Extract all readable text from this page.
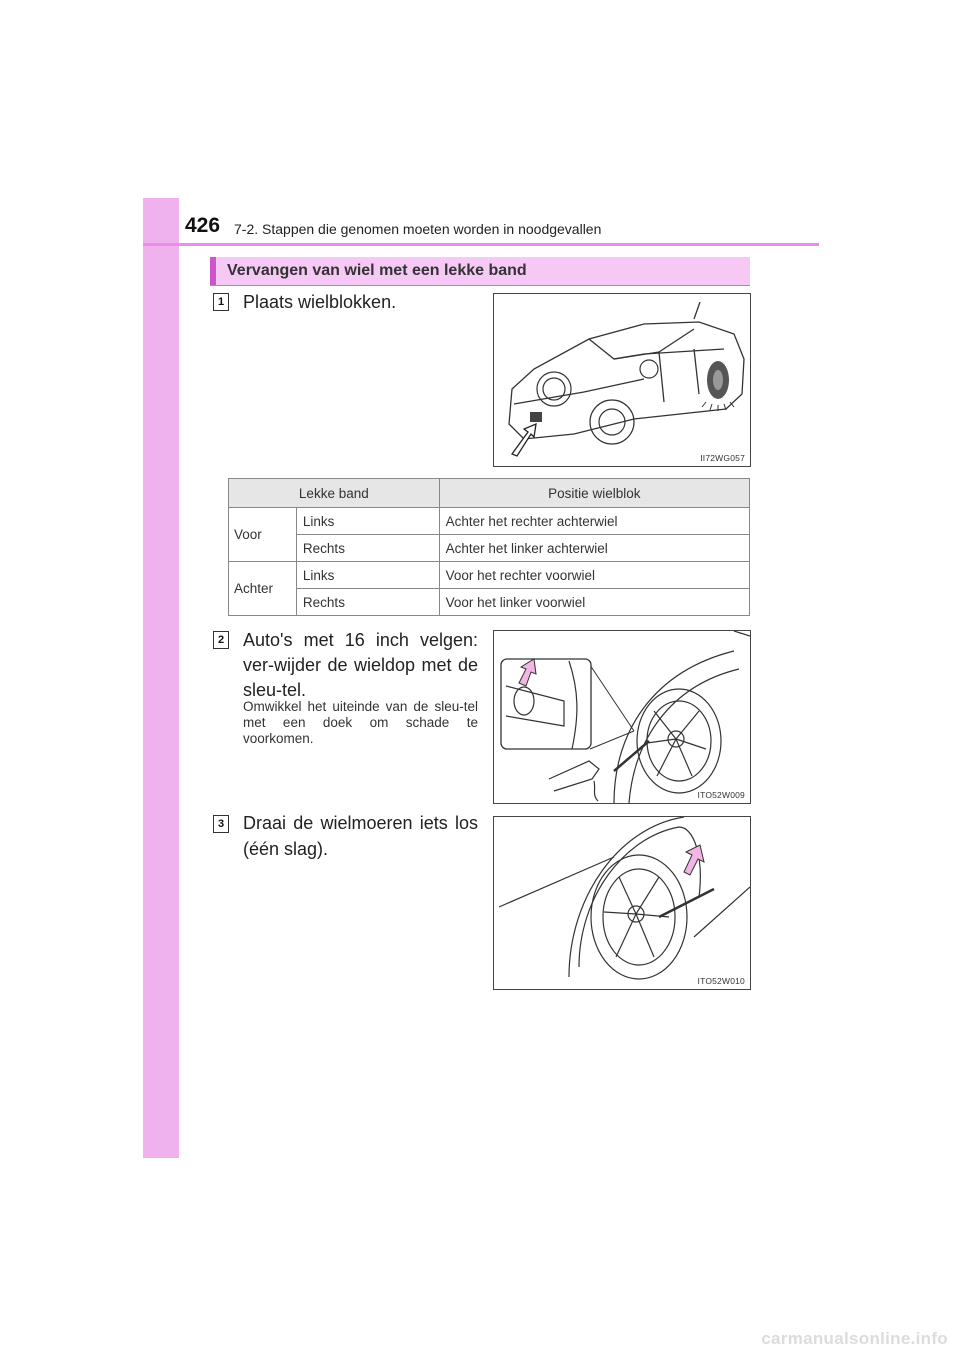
426 7-2. Stappen die genomen moeten worden in noodgevallen
Vervangen van wiel met een lekke band
1 Plaats wielblokken.
II72WG057
Lekke band		Positie wielblok
Voor	Links	Achter het rechter achterwiel
	Rechts	Achter het linker achterwiel
Achter	Links	Voor het rechter voorwiel
	Rechts	Voor het linker voorwiel
2 Auto's met 16 inch velgen: ver-wijder de wieldop met de sleu-tel.
Omwikkel het uiteinde van de sleu-tel met een doek om schade te voorkomen.
ITO52W009
3 Draai de wielmoeren iets los (één slag).
ITO52W010
carmanualsonline.info
